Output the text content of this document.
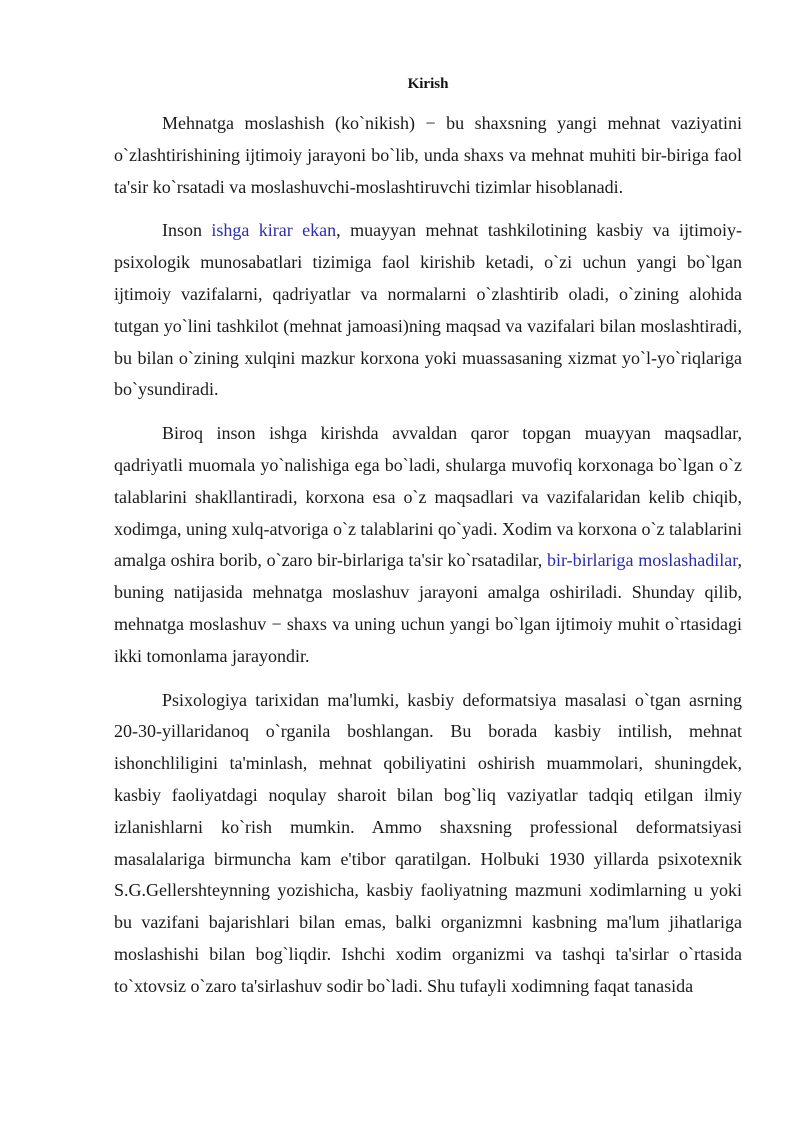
Kirish

Mehnatga moslashish (ko`nikish) − bu shaxsning yangi mehnat vaziyatini o`zlashtirishining ijtimoiy jarayoni bo`lib, unda shaxs va mehnat muhiti bir-biriga faol ta'sir ko`rsatadi va moslashuvchi-moslashtiruvchi tizimlar hisoblanadi.

Inson ishga kirar ekan, muayyan mehnat tashkilotining kasbiy va ijtimoiy-psixologik munosabatlari tizimiga faol kirishib ketadi, o`zi uchun yangi bo`lgan ijtimoiy vazifalarni, qadriyatlar va normalarni o`zlashtirib oladi, o`zining alohida tutgan yo`lini tashkilot (mehnat jamoasi)ning maqsad va vazifalari bilan moslashtiradi, bu bilan o`zining xulqini mazkur korxona yoki muassasaning xizmat yo`l-yo`riqlariga bo`ysundiradi.

Biroq inson ishga kirishda avvaldan qaror topgan muayyan maqsadlar, qadriyatli muomala yo`nalishiga ega bo`ladi, shularga muvofiq korxonaga bo`lgan o`z talablarini shakllantiradi, korxona esa o`z maqsadlari va vazifalaridan kelib chiqib, xodimga, uning xulq-atvoriga o`z talablarini qo`yadi. Xodim va korxona o`z talablarini amalga oshira borib, o`zaro bir-birlariga ta'sir ko`rsatadilar, bir-birlariga moslashadilar, buning natijasida mehnatga moslashuv jarayoni amalga oshiriladi. Shunday qilib, mehnatga moslashuv − shaxs va uning uchun yangi bo`lgan ijtimoiy muhit o`rtasidagi ikki tomonlama jarayondir.

Psixologiya tarixidan ma'lumki, kasbiy deformatsiya masalasi o`tgan asrning 20-30-yillaridanoq o`rganila boshlangan. Bu borada kasbiy intilish, mehnat ishonchliligini ta'minlash, mehnat qobiliyatini oshirish muammolari, shuningdek, kasbiy faoliyatdagi noqulay sharoit bilan bog`liq vaziyatlar tadqiq etilgan ilmiy izlanishlarni ko`rish mumkin. Ammo shaxsning professional deformatsiyasi masalalariga birmuncha kam e'tibor qaratilgan. Holbuki 1930 yillarda psixotexnik S.G.Gellershteynning yozishicha, kasbiy faoliyatning mazmuni xodimlarning u yoki bu vazifani bajarishlari bilan emas, balki organizmni kasbning ma'lum jihatlariga moslashishi bilan bog`liqdir. Ishchi xodim organizmi va tashqi ta'sirlar o`rtasida to`xtovsiz o`zaro ta'sirlashuv sodir bo`ladi. Shu tufayli xodimning faqat tanasida
